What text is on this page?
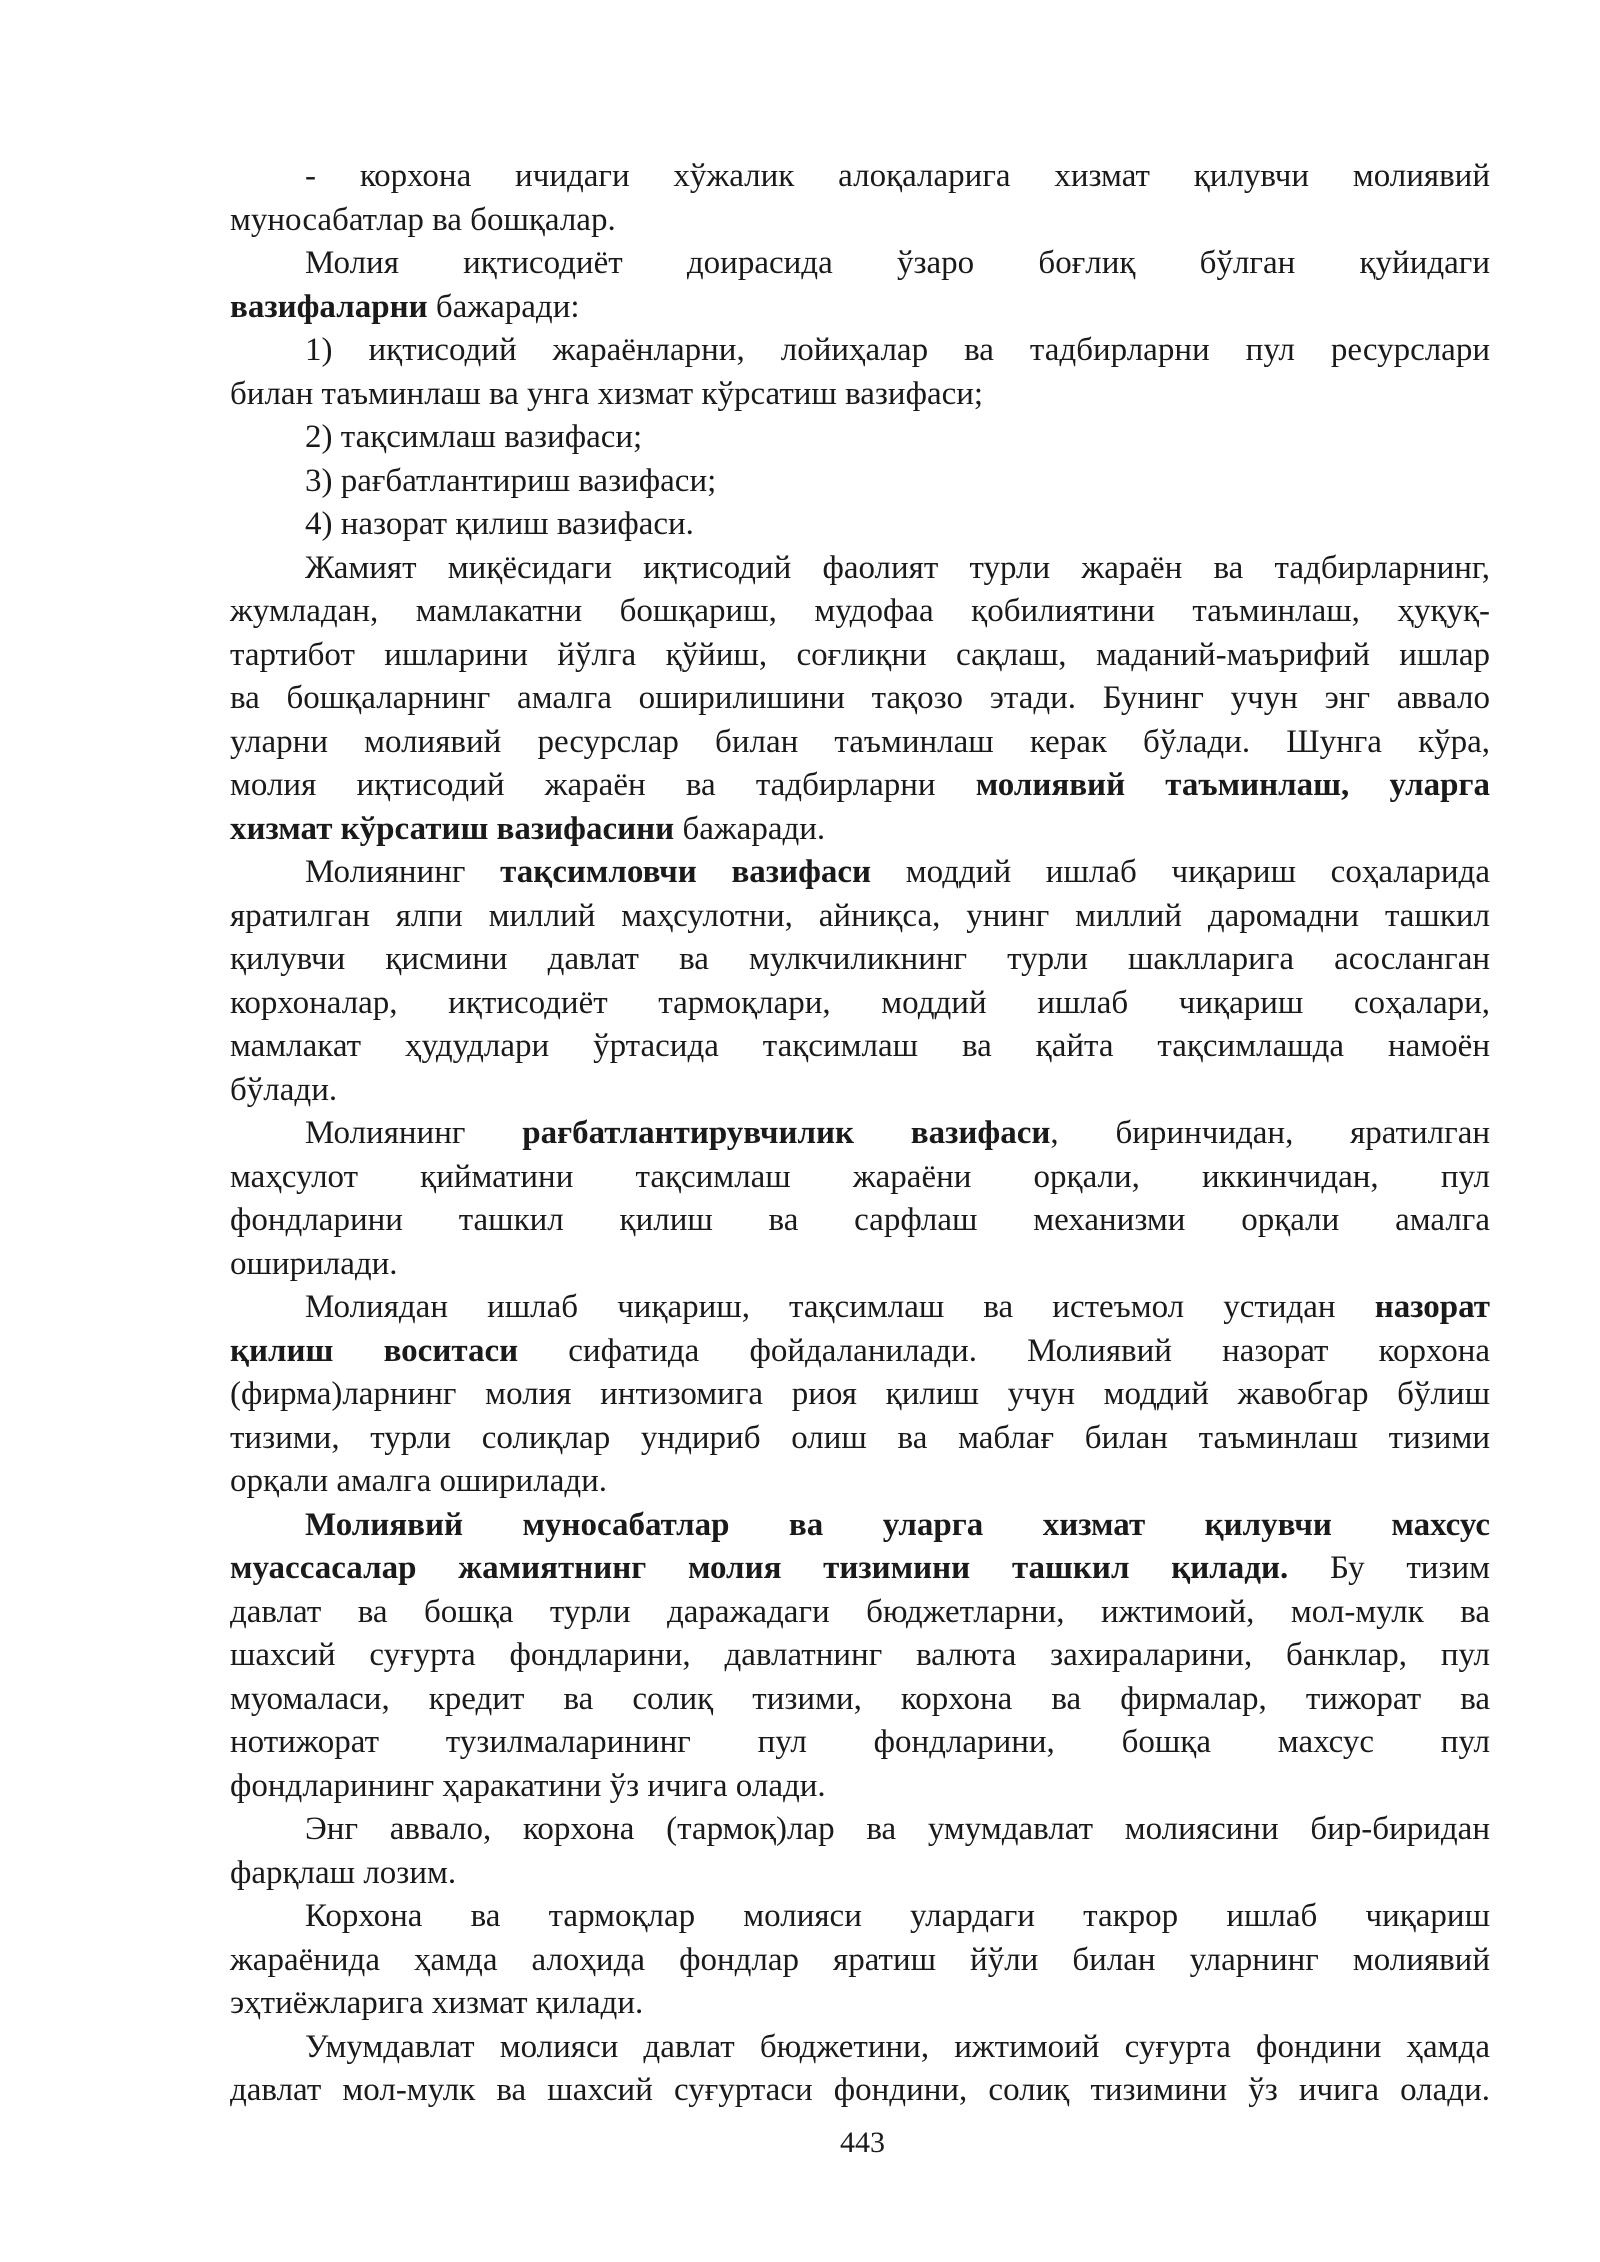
- корхона ичидаги хўжалик алоқаларига хизмат қилувчи молиявий
муносабатлар ва бошқалар.
Молия иқтисодиёт доирасида ўзаро боғлиқ бўлган қуйидаги
вазифаларни бажаради:
1) иқтисодий жараёнларни, лойиҳалар ва тадбирларни пул ресурслари
билан таъминлаш ва унга хизмат кўрсатиш вазифаси;
2) тақсимлаш вазифаси;
3) рағбатлантириш вазифаси;
4) назорат қилиш вазифаси.
Жамият миқёсидаги иқтисодий фаолият турли жараён ва тадбирларнинг,
жумладан, мамлакатни бошқариш, мудофаа қобилиятини таъминлаш, ҳуқуқ-
тартибот ишларини йўлга қўйиш, соғлиқни сақлаш, маданий-маърифий ишлар
ва бошқаларнинг амалга оширилишини тақозо этади. Бунинг учун энг аввало
уларни молиявий ресурслар билан таъминлаш керак бўлади. Шунга кўра,
молия иқтисодий жараён ва тадбирларни молиявий таъминлаш, уларга
хизмат кўрсатиш вазифасини бажаради.
Молиянинг тақсимловчи вазифаси моддий ишлаб чиқариш соҳаларида
яратилган ялпи миллий маҳсулотни, айниқса, унинг миллий даромадни ташкил
қилувчи қисмини давлат ва мулкчиликнинг турли шаклларига асосланган
корхоналар, иқтисодиёт тармоқлари, моддий ишлаб чиқариш соҳалари,
мамлакат ҳудудлари ўртасида тақсимлаш ва қайта тақсимлашда намоён
бўлади.
Молиянинг рағбатлантирувчилик вазифаси, биринчидан, яратилган
маҳсулот қийматини тақсимлаш жараёни орқали, иккинчидан, пул
фондларини ташкил қилиш ва сарфлаш механизми орқали амалга
оширилади.
Молиядан ишлаб чиқариш, тақсимлаш ва истеъмол устидан назорат
қилиш воситаси сифатида фойдаланилади. Молиявий назорат корхона
(фирма)ларнинг молия интизомига риоя қилиш учун моддий жавобгар бўлиш
тизими, турли солиқлар ундириб олиш ва маблағ билан таъминлаш тизими
орқали амалга оширилади.
Молиявий муносабатлар ва уларга хизмат қилувчи махсус
муассасалар жамиятнинг молия тизимини ташкил қилади. Бу тизим
давлат ва бошқа турли даражадаги бюджетларни, ижтимоий, мол-мулк ва
шахсий суғурта фондларини, давлатнинг валюта захираларини, банклар, пул
муомаласи, кредит ва солиқ тизими, корхона ва фирмалар, тижорат ва
нотижорат тузилмаларининг пул фондларини, бошқа махсус пул
фондларининг ҳаракатини ўз ичига олади.
Энг аввало, корхона (тармоқ)лар ва умумдавлат молиясини бир-биридан
фарқлаш лозим.
Корхона ва тармоқлар молияси улардаги такрор ишлаб чиқариш
жараёнида ҳамда алоҳида фондлар яратиш йўли билан уларнинг молиявий
эҳтиёжларига хизмат қилади.
Умумдавлат молияси давлат бюджетини, ижтимоий суғурта фондини ҳамда
давлат мол-мулк ва шахсий суғуртаси фондини, солиқ тизимини ўз ичига олади.
443
